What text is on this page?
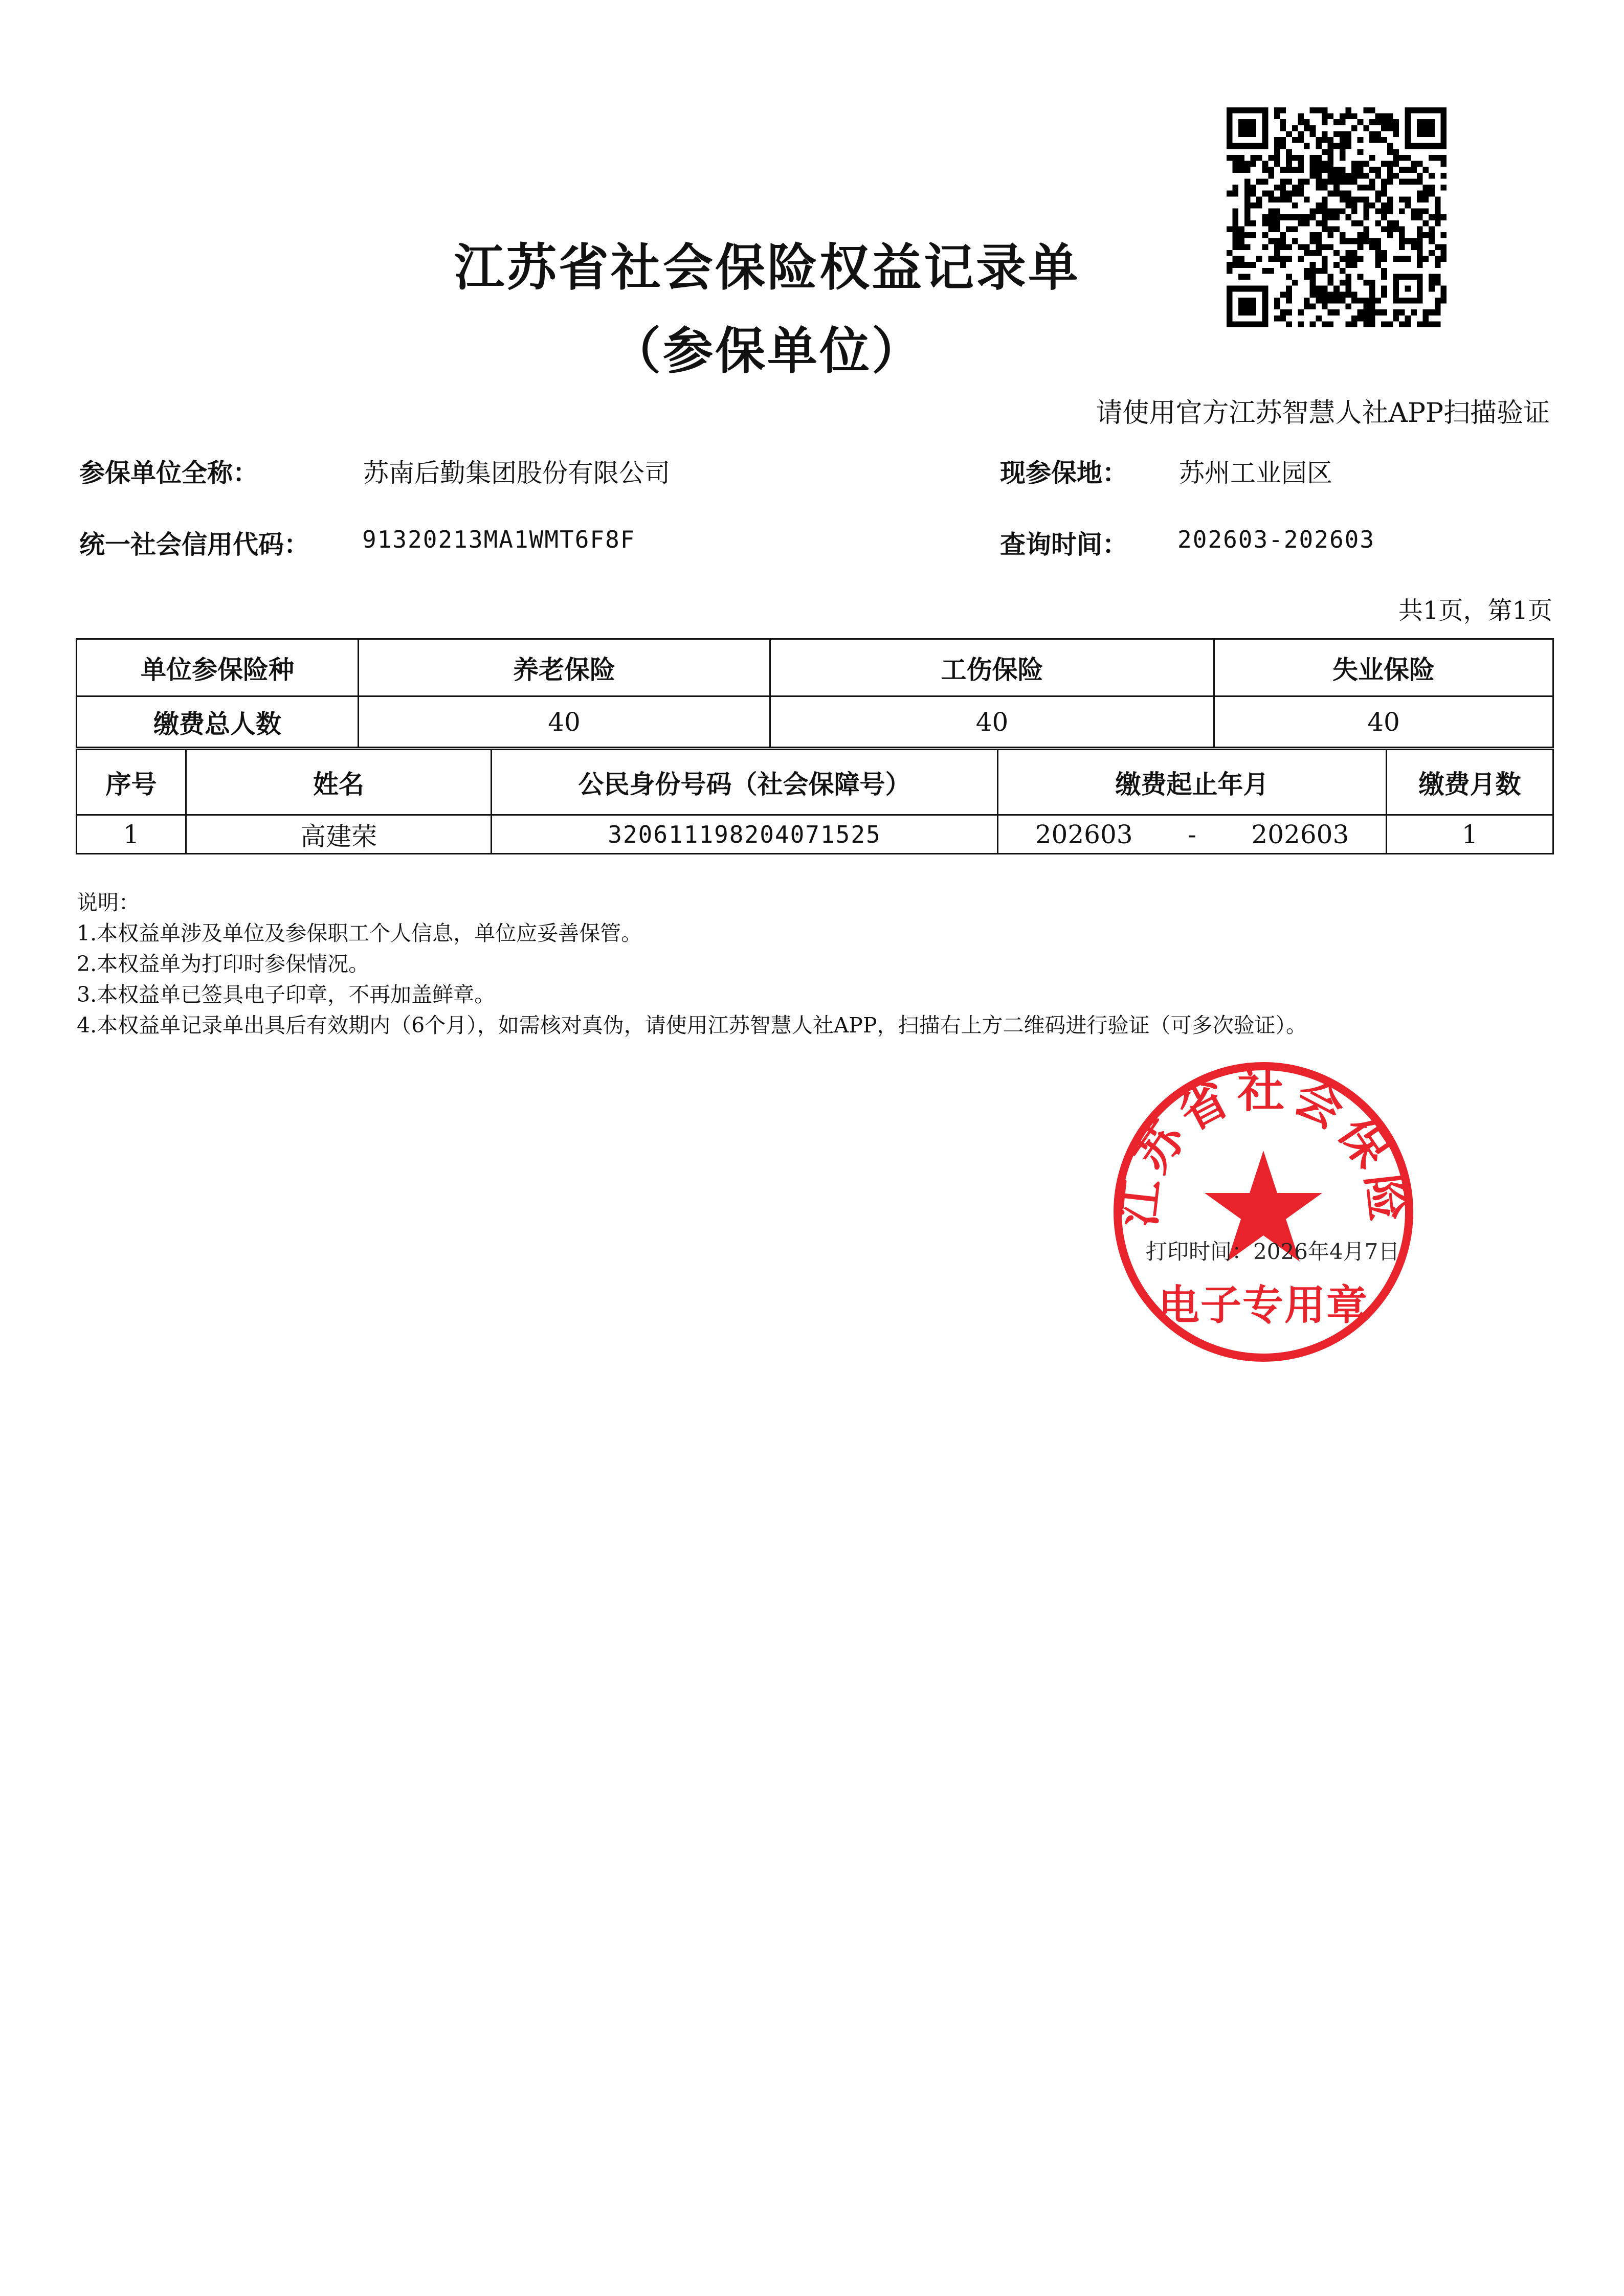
江苏省社会保险权益记录单
（参保单位）
请使用官方江苏智慧人社APP扫描验证
参保单位全称：	苏南后勤集团股份有限公司	现参保地： 苏州工业园区
统一社会信用代码： 91320213MA1WMT6F8F	查询时间： 202603-202603
共1页，第1页
单位参保险种	养老保险	工伤保险	失业保险
缴费总人数	40	40	40
序号	姓名	公民身份号码（社会保障号）	缴费起止年月	缴费月数
1	高建荣	320611198204071525	202603 - 202603	1
说明：
1.本权益单涉及单位及参保职工个人信息，单位应妥善保管。
2.本权益单为打印时参保情况。
3.本权益单已签具电子印章，不再加盖鲜章。
4.本权益单记录单出具后有效期内（6个月），如需核对真伪，请使用江苏智慧人社APP，扫描右上方二维码进行验证（可多次验证）。
江苏省社会保险
电子专用章
打印时间：2026年4月7日
